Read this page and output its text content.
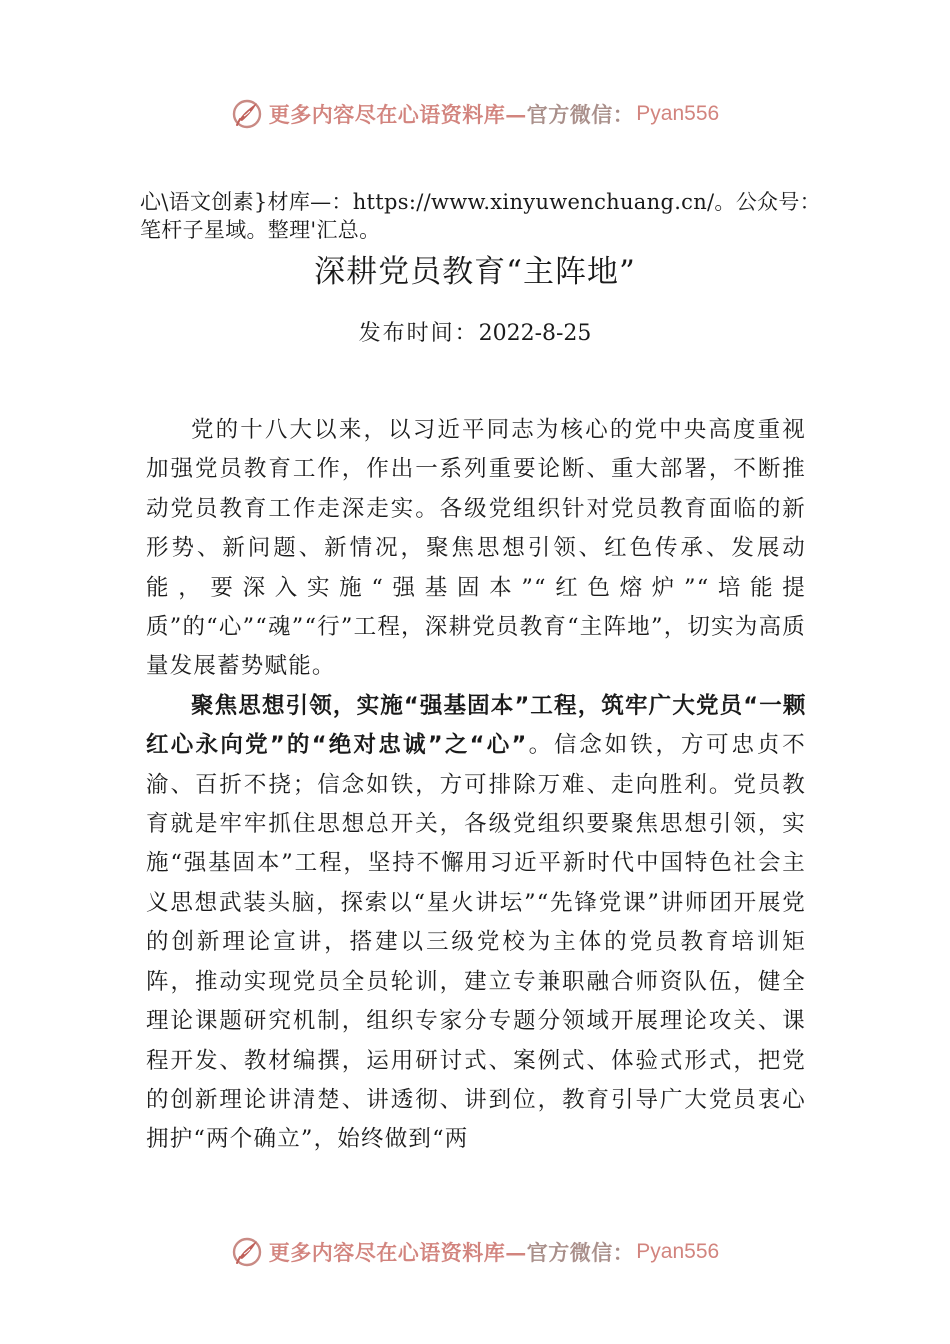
更多内容尽在心语资料库— 官方微信： Pyan556
心\语文创素}材库—：https://www.xinyuwenchuang.cn/。公众号：笔杆子星域。整理'汇总。
深耕党员教育“主阵地”
发布时间：2022-8-25

党的十八大以来，以习近平同志为核心的党中央高度重视加强党员教育工作，作出一系列重要论断、重大部署，不断推动党员教育工作走深走实。各级党组织针对党员教育面临的新形势、新问题、新情况，聚焦思想引领、红色传承、发展动能，要深入实施“强基固本”“红色熔炉”“培能提质”的“心”“魂”“行”工程，深耕党员教育“主阵地”，切实为高质量发展蓄势赋能。

聚焦思想引领，实施“强基固本”工程，筑牢广大党员“一颗红心永向党”的“绝对忠诚”之“心”。信念如铁，方可忠贞不渝、百折不挠；信念如铁，方可排除万难、走向胜利。党员教育就是牢牢抓住思想总开关，各级党组织要聚焦思想引领，实施“强基固本”工程，坚持不懈用习近平新时代中国特色社会主义思想武装头脑，探索以“星火讲坛”“先锋党课”讲师团开展党的创新理论宣讲，搭建以三级党校为主体的党员教育培训矩阵，推动实现党员全员轮训，建立专兼职融合师资队伍，健全理论课题研究机制，组织专家分专题分领域开展理论攻关、课程开发、教材编撰，运用研讨式、案例式、体验式形式，把党的创新理论讲清楚、讲透彻、讲到位，教育引导广大党员衷心拥护“两个确立”，始终做到“两

更多内容尽在心语资料库— 官方微信： Pyan556
